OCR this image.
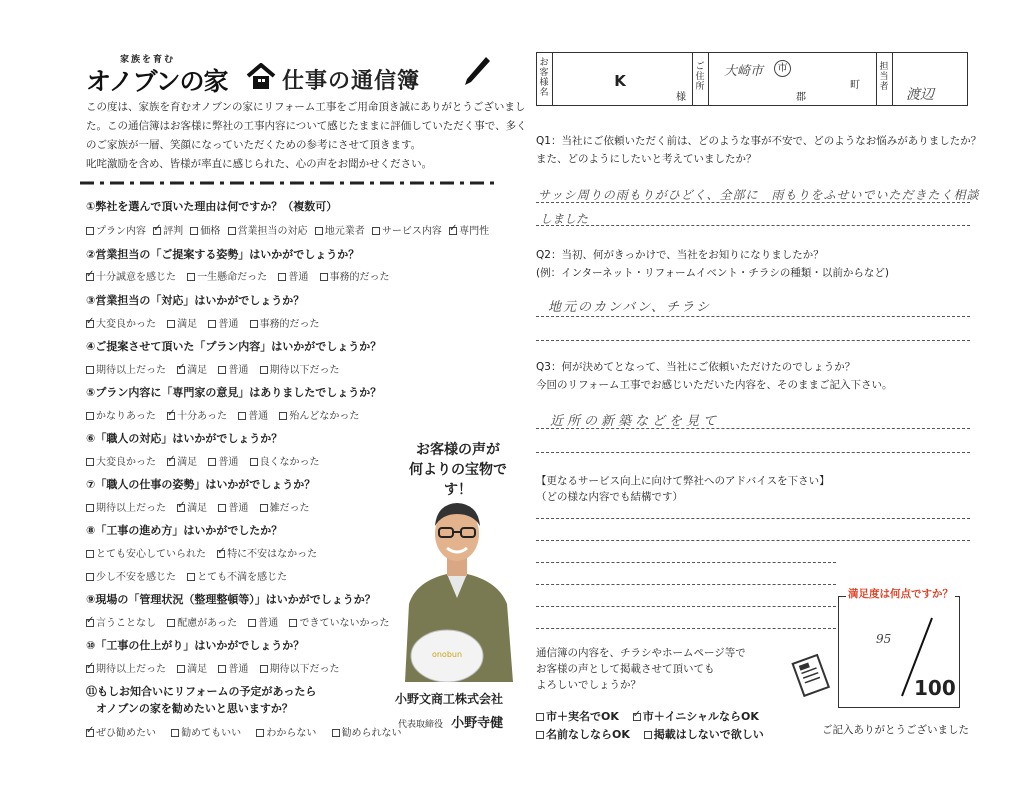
家族を育む
オノブンの家 仕事の通信簿
この度は、家族を育むオノブンの家にリフォーム工事をご用命頂き誠にありがとうございまし
た。この通信簿はお客様に弊社の工事内容について感じたままに評価していただく事で、多く
のご家族が一層、笑顔になっていただくための参考にさせて頂きます。
叱咤激励を含め、皆様が率直に感じられた、心の声をお聞かせください。
①弊社を選んで頂いた理由は何ですか？（複数可）
プラン内容 ✓ 評判 価格 営業担当の対応 地元業者 サービス内容 ✓ 専門性
②営業担当の「ご提案する姿勢」はいかがでしょうか？
✓十分誠意を感じた 一生懸命だった 普通 事務的だった
③営業担当の「対応」はいかがでしょうか？
✓大変良かった 満足 普通 事務的だった
④ご提案させて頂いた「プラン内容」はいかがでしょうか？
期待以上だった ✓ 満足 普通 期待以下だった
⑤プラン内容に「専門家の意見」はありましたでしょうか？
かなりあった ✓ 十分あった 普通 殆んどなかった
⑥「職人の対応」はいかがでしょうか？
大変良かった ✓ 満足 普通 良くなかった
⑦「職人の仕事の姿勢」はいかがでしょうか？
期待以上だった ✓ 満足 普通 雑だった
⑧「工事の進め方」はいかがでしたか？
とても安心していられた ✓ 特に不安はなかった
少し不安を感じた とても不満を感じた
⑨現場の「管理状況（整理整頓等）」はいかがでしょうか？
✓言うことなし 配慮があった 普通 できていないかった
⑩「工事の仕上がり」はいかがでしょうか？
✓期待以上だった 満足 普通 期待以下だった
⑪もしお知合いにリフォームの予定があったら
オノブンの家を勧めたいと思いますか？
✓ぜひ勧めたい	勧めてもいい	わからない	勧められない
お客様の声が
何よりの宝物です！
onobun
小野文商工株式会社
代表取締役 小野寺健
お客様名
K
様
ご住所
大崎市	市
郡
町
担当者 渡辺
Q1：当社にご依頼いただく前は、どのような事が不安で、どのようなお悩みがありましたか？
また、どのようにしたいと考えていましたか？
サッシ周りの雨もりがひどく、全部に　雨もりをふせいでいただきたく相談
しました
Q2：当初、何がきっかけで、当社をお知りになりましたか？
(例：インターネット・リフォームイベント・チラシの種類・以前からなど)
地元のカンバン、チラシ
Q3：何が決めてとなって、当社にご依頼いただけたのでしょうか？
今回のリフォーム工事でお感じいただいた内容を、そのままご記入下さい。
近所の新築などを見て
【更なるサービス向上に向けて弊社へのアドバイスを下さい】
（どの様な内容でも結構です）
通信簿の内容を、チラシやホームページ等で
お客様の声として掲載させて頂いても
よろしいでしょうか？
市＋実名でOK ✓ 市＋イニシャルならOK
名前なしならOK 掲載はしないで欲しい
満足度は何点ですか？
95
100
ご記入ありがとうございました
